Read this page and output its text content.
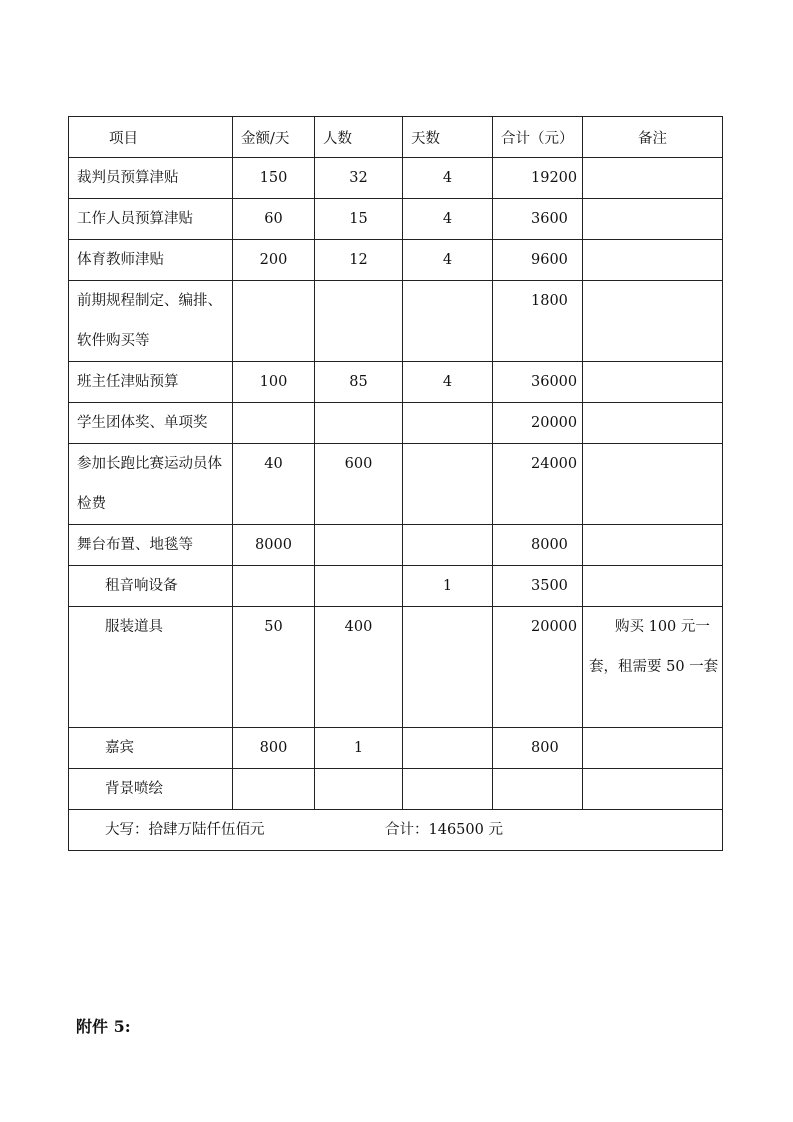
项目	金额/天	人数	天数	合计（元）	备注
裁判员预算津贴	150	32	4	19200	
工作人员预算津贴	60	15	4	3600	
体育教师津贴	200	12	4	9600	
前期规程制定、编排、软件购买等				1800	
班主任津贴预算	100	85	4	36000	
学生团体奖、单项奖				20000	
参加长跑比赛运动员体检费	40	600		24000	
舞台布置、地毯等	8000			8000	
租音响设备			1	3500	
服装道具	50	400		20000	购买 100 元一套，租需要 50 一套
嘉宾	800	1		800	
背景喷绘					

大写：拾肆万陆仟伍佰元 合计：146500 元					
附件 5:
